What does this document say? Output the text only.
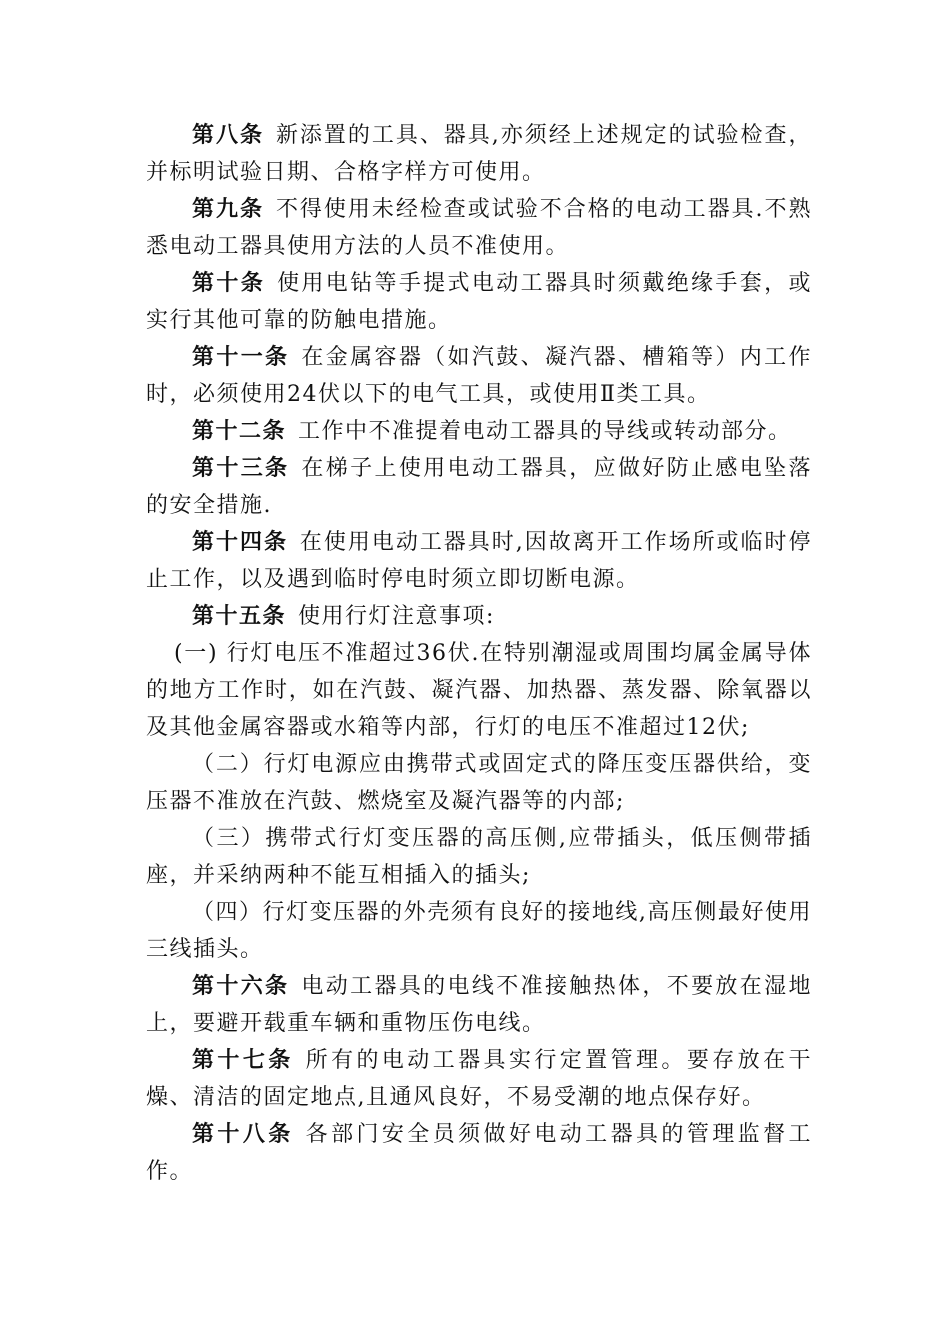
第八条 新添置的工具、器具,亦须经上述规定的试验检查，并标明试验日期、合格字样方可使用。

第九条 不得使用未经检查或试验不合格的电动工器具.不熟悉电动工器具使用方法的人员不准使用。

第十条 使用电钻等手提式电动工器具时须戴绝缘手套，或实行其他可靠的防触电措施。

第十一条 在金属容器（如汽鼓、凝汽器、槽箱等）内工作时，必须使用24伏以下的电气工具，或使用Ⅱ类工具。

第十二条 工作中不准提着电动工器具的导线或转动部分。

第十三条 在梯子上使用电动工器具，应做好防止感电坠落的安全措施.

第十四条 在使用电动工器具时,因故离开工作场所或临时停止工作，以及遇到临时停电时须立即切断电源。

第十五条 使用行灯注意事项:

(一) 行灯电压不准超过36伏.在特别潮湿或周围均属金属导体的地方工作时，如在汽鼓、凝汽器、加热器、蒸发器、除氧器以及其他金属容器或水箱等内部，行灯的电压不准超过12伏;

（二）行灯电源应由携带式或固定式的降压变压器供给，变压器不准放在汽鼓、燃烧室及凝汽器等的内部;

（三）携带式行灯变压器的高压侧,应带插头，低压侧带插座，并采纳两种不能互相插入的插头;

（四）行灯变压器的外壳须有良好的接地线,高压侧最好使用三线插头。

第十六条 电动工器具的电线不准接触热体，不要放在湿地上，要避开载重车辆和重物压伤电线。

第十七条 所有的电动工器具实行定置管理。要存放在干燥、清洁的固定地点,且通风良好，不易受潮的地点保存好。

第十八条 各部门安全员须做好电动工器具的管理监督工作。
